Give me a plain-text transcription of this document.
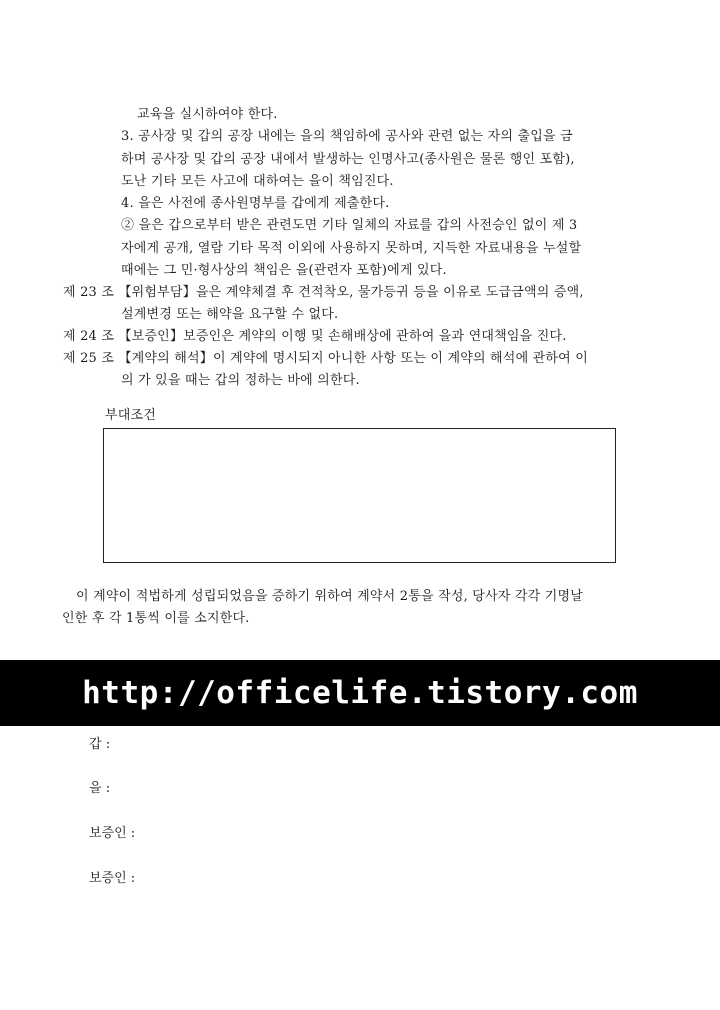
교육을 실시하여야 한다.
3. 공사장 및 갑의 공장 내에는 을의 책임하에 공사와 관련 없는 자의 출입을 금
하며 공사장 및 갑의 공장 내에서 발생하는 인명사고(종사원은 물론 행인 포함),
도난 기타 모든 사고에 대하여는 을이 책임진다.
4. 을은 사전에 종사원명부를 갑에게 제출한다.
② 을은 갑으로부터 받은 관련도면 기타 일체의 자료를 갑의 사전승인 없이 제 3
자에게 공개, 열람 기타 목적 이외에 사용하지 못하며, 지득한 자료내용을 누설할
때에는 그 민·형사상의 책임은 을(관련자 포함)에게 있다.
제 23 조 【위험부담】을은 계약체결 후 견적착오, 물가등귀 등을 이유로 도급금액의 증액,
설계변경 또는 해약을 요구할 수 없다.
제 24 조 【보증인】보증인은 계약의 이행 및 손해배상에 관하여 을과 연대책임을 진다.
제 25 조 【계약의 해석】이 계약에 명시되지 아니한 사항 또는 이 계약의 해석에 관하여 이
의 가 있을 때는 갑의 정하는 바에 의한다.
부대조건
이 계약이 적법하게 성립되었음을 증하기 위하여 계약서 2통을 작성, 당사자 각각 기명날
인한 후 각 1통씩 이를 소지한다.
http://officelife.tistory.com
갑 :
을 :
보증인 :
보증인 :
